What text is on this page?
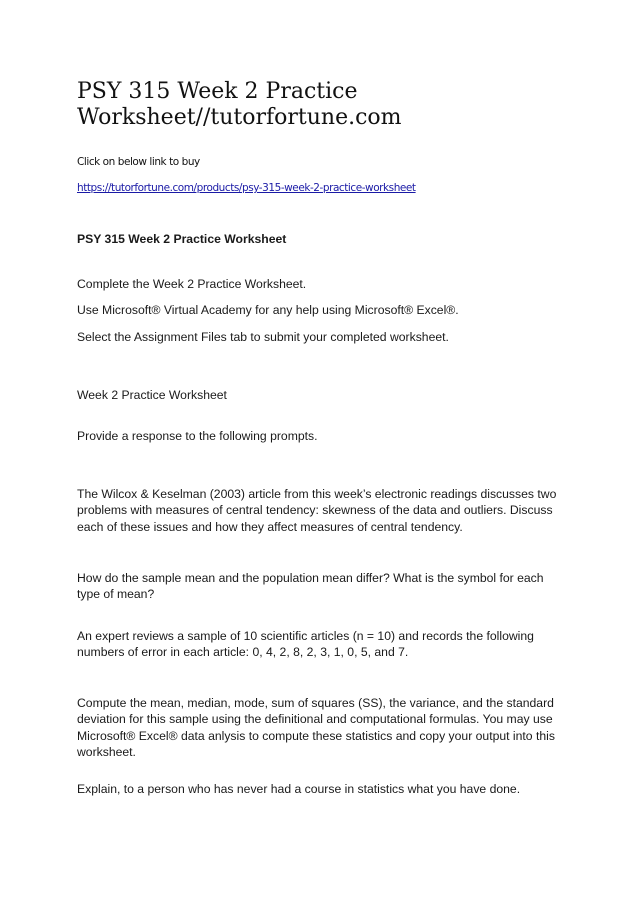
PSY 315 Week 2 Practice
Worksheet//tutorfortune.com
Click on below link to buy
https://tutorfortune.com/products/psy-315-week-2-practice-worksheet

PSY 315 Week 2 Practice Worksheet

Complete the Week 2 Practice Worksheet.

Use Microsoft® Virtual Academy for any help using Microsoft® Excel®.

Select the Assignment Files tab to submit your completed worksheet.

Week 2 Practice Worksheet

Provide a response to the following prompts.

The Wilcox & Keselman (2003) article from this week’s electronic readings discusses two problems with measures of central tendency: skewness of the data and outliers. Discuss each of these issues and how they affect measures of central tendency.

How do the sample mean and the population mean differ? What is the symbol for each type of mean?

An expert reviews a sample of 10 scientific articles (n = 10) and records the following numbers of error in each article: 0, 4, 2, 8, 2, 3, 1, 0, 5, and 7.

Compute the mean, median, mode, sum of squares (SS), the variance, and the standard deviation for this sample using the definitional and computational formulas. You may use Microsoft® Excel® data anlysis to compute these statistics and copy your output into this worksheet.

Explain, to a person who has never had a course in statistics what you have done.
